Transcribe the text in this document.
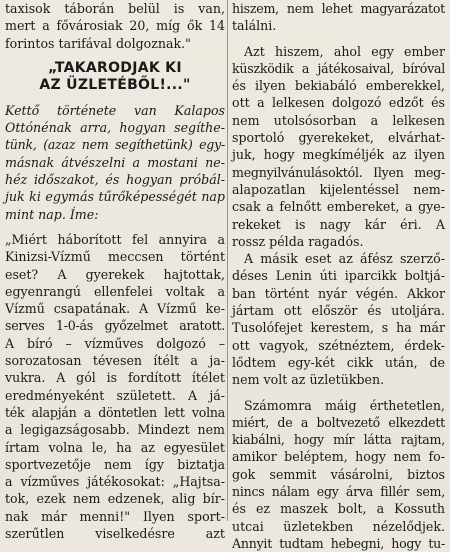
taxisok táborán belül is van,
mert a fővárosiak 20, míg ők 14
forintos tarifával dolgoznak."
„TAKARODJAK KI
AZ ÜZLETÉBŐL!..."
Kettő története van Kalapos
Ottónénak arra, hogyan segíthe-
tünk, (azaz nem segíthetünk) egy-
másnak átvészelni a mostani ne-
héz időszakot, és hogyan próbál-
juk ki egymás tűrőképességét nap
mint nap. Íme:
„Miért háborított fel annyira a
Kinizsi-Vízmű meccsen történt
eset? A gyerekek hajtottak,
egyenrangú ellenfelei voltak a
Vízmű csapatának. A Vízmű ke-
serves 1-0-ás győzelmet aratott.
A bíró – vízműves dolgozó –
sorozatosan tévesen ítélt a ja-
vukra. A gól is fordított ítélet
eredményeként született. A já-
ték alapján a döntetlen lett volna
a legigazságosabb. Mindezt nem
írtam volna le, ha az egyesület
sportvezetője nem így biztatja
a vízműves játékosokat: „Hajtsa-
tok, ezek nem edzenek, alig bír-
nak már menni!" Ilyen sport-
szerűtlen viselkedésre azt
hiszem, nem lehet magyarázatot
találni.
Azt hiszem, ahol egy ember
küszködik a játékosaival, bíróval
és ilyen bekiabáló emberekkel,
ott a lelkesen dolgozó edzőt és
nem utolsósorban a lelkesen
sportoló gyerekeket, elvárhat-
juk, hogy megkíméljék az ilyen
megnyilvánulásoktól. Ilyen meg-
alapozatlan kijelentéssel nem-
csak a felnőtt embereket, a gye-
rekeket is nagy kár éri. A
rossz példa ragadós.
A másik eset az áfész szerző-
déses Lenin úti iparcikk boltjá-
ban történt nyár végén. Akkor
jártam ott először és utoljára.
Tusolófejet kerestem, s ha már
ott vagyok, szétnéztem, érdek-
lődtem egy-két cikk után, de
nem volt az üzletükben.
Számomra máig érthetetlen,
miért, de a boltvezető elkezdett
kiabálni, hogy mír látta rajtam,
amikor beléptem, hogy nem fo-
gok semmit vásárolni, biztos
nincs nálam egy árva fillér sem,
és ez maszek bolt, a Kossuth
utcai üzletekben nézelődjek.
Annyit tudtam hebegni, hogy tu-
